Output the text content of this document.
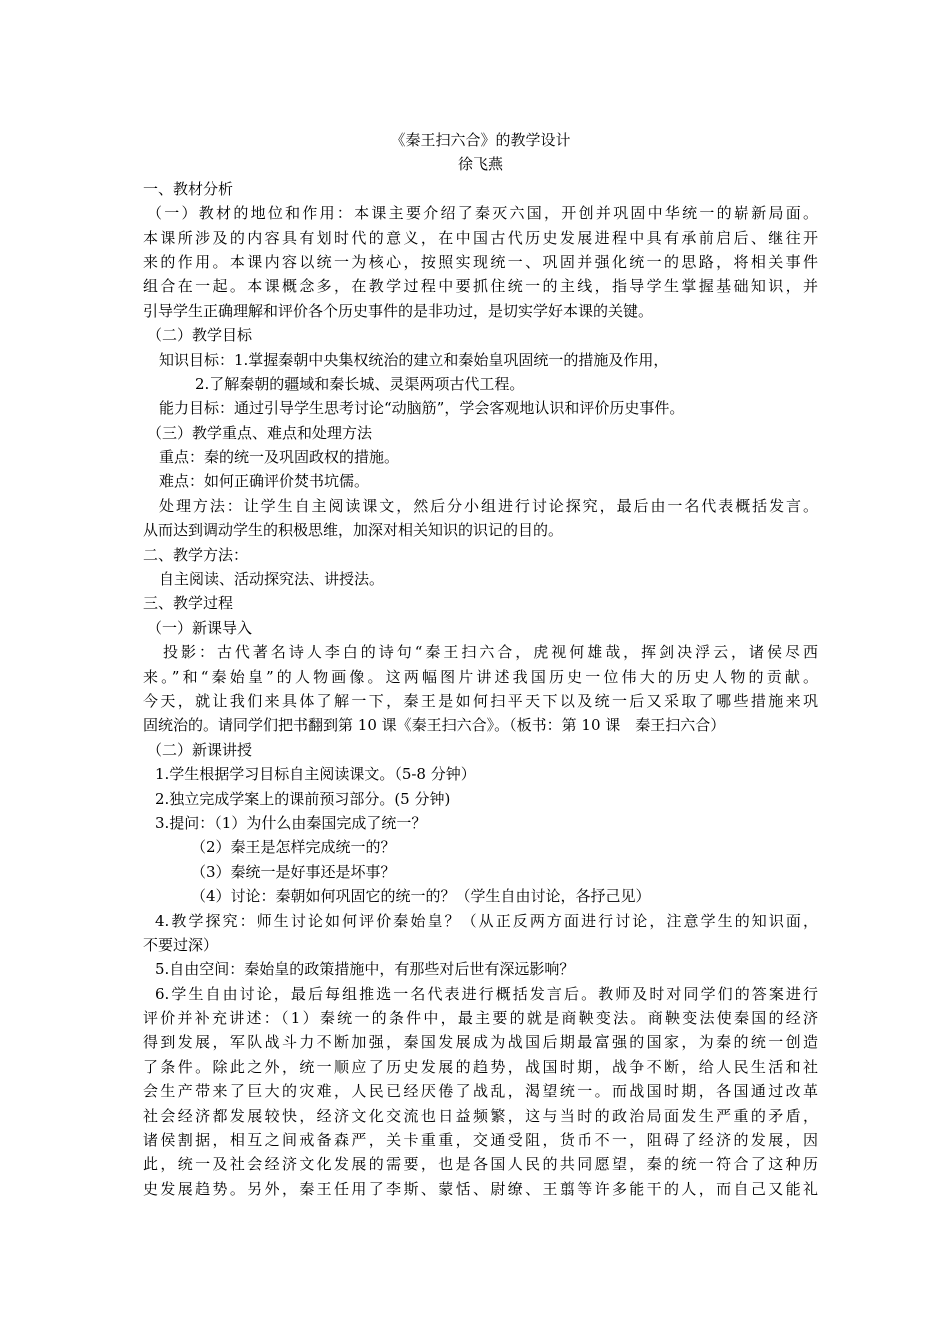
《秦王扫六合》的教学设计
徐飞燕
一、教材分析
（一）教材的地位和作用：本课主要介绍了秦灭六国，开创并巩固中华统一的崭新局面。
本课所涉及的内容具有划时代的意义，在中国古代历史发展进程中具有承前启后、继往开
来的作用。本课内容以统一为核心，按照实现统一、巩固并强化统一的思路，将相关事件
组合在一起。本课概念多，在教学过程中要抓住统一的主线，指导学生掌握基础知识，并
引导学生正确理解和评价各个历史事件的是非功过，是切实学好本课的关键。
（二）教学目标
知识目标：1.掌握秦朝中央集权统治的建立和秦始皇巩固统一的措施及作用，
2.了解秦朝的疆域和秦长城、灵渠两项古代工程。
能力目标：通过引导学生思考讨论“动脑筋”，学会客观地认识和评价历史事件。
（三）教学重点、难点和处理方法
重点：秦的统一及巩固政权的措施。
难点：如何正确评价焚书坑儒。
处理方法：让学生自主阅读课文，然后分小组进行讨论探究，最后由一名代表概括发言。
从而达到调动学生的积极思维，加深对相关知识的识记的目的。
二、教学方法：
自主阅读、活动探究法、讲授法。
三、教学过程
（一）新课导入
投影：古代著名诗人李白的诗句“秦王扫六合，虎视何雄哉，挥剑决浮云，诸侯尽西
来。”和“秦始皇”的人物画像。这两幅图片讲述我国历史一位伟大的历史人物的贡献。
今天，就让我们来具体了解一下，秦王是如何扫平天下以及统一后又采取了哪些措施来巩
固统治的。请同学们把书翻到第 10 课《秦王扫六合》。（板书：第 10 课　秦王扫六合）
（二）新课讲授
1.学生根据学习目标自主阅读课文。（5-8 分钟）
2.独立完成学案上的课前预习部分。(5 分钟)
3.提问：（1）为什么由秦国完成了统一？
（2）秦王是怎样完成统一的？
（3）秦统一是好事还是坏事？
（4）讨论：秦朝如何巩固它的统一的？（学生自由讨论，各抒己见）
4.教学探究：师生讨论如何评价秦始皇？（从正反两方面进行讨论，注意学生的知识面，
不要过深）
5.自由空间：秦始皇的政策措施中，有那些对后世有深远影响？
6.学生自由讨论，最后每组推选一名代表进行概括发言后。教师及时对同学们的答案进行
评价并补充讲述：（1）秦统一的条件中，最主要的就是商鞅变法。商鞅变法使秦国的经济
得到发展，军队战斗力不断加强，秦国发展成为战国后期最富强的国家，为秦的统一创造
了条件。除此之外，统一顺应了历史发展的趋势，战国时期，战争不断，给人民生活和社
会生产带来了巨大的灾难，人民已经厌倦了战乱，渴望统一。而战国时期，各国通过改革
社会经济都发展较快，经济文化交流也日益频繁，这与当时的政治局面发生严重的矛盾，
诸侯割据，相互之间戒备森严，关卡重重，交通受阻，货币不一，阻碍了经济的发展，因
此，统一及社会经济文化发展的需要，也是各国人民的共同愿望，秦的统一符合了这种历
史发展趋势。另外，秦王任用了李斯、蒙恬、尉缭、王翦等许多能干的人，而自己又能礼
